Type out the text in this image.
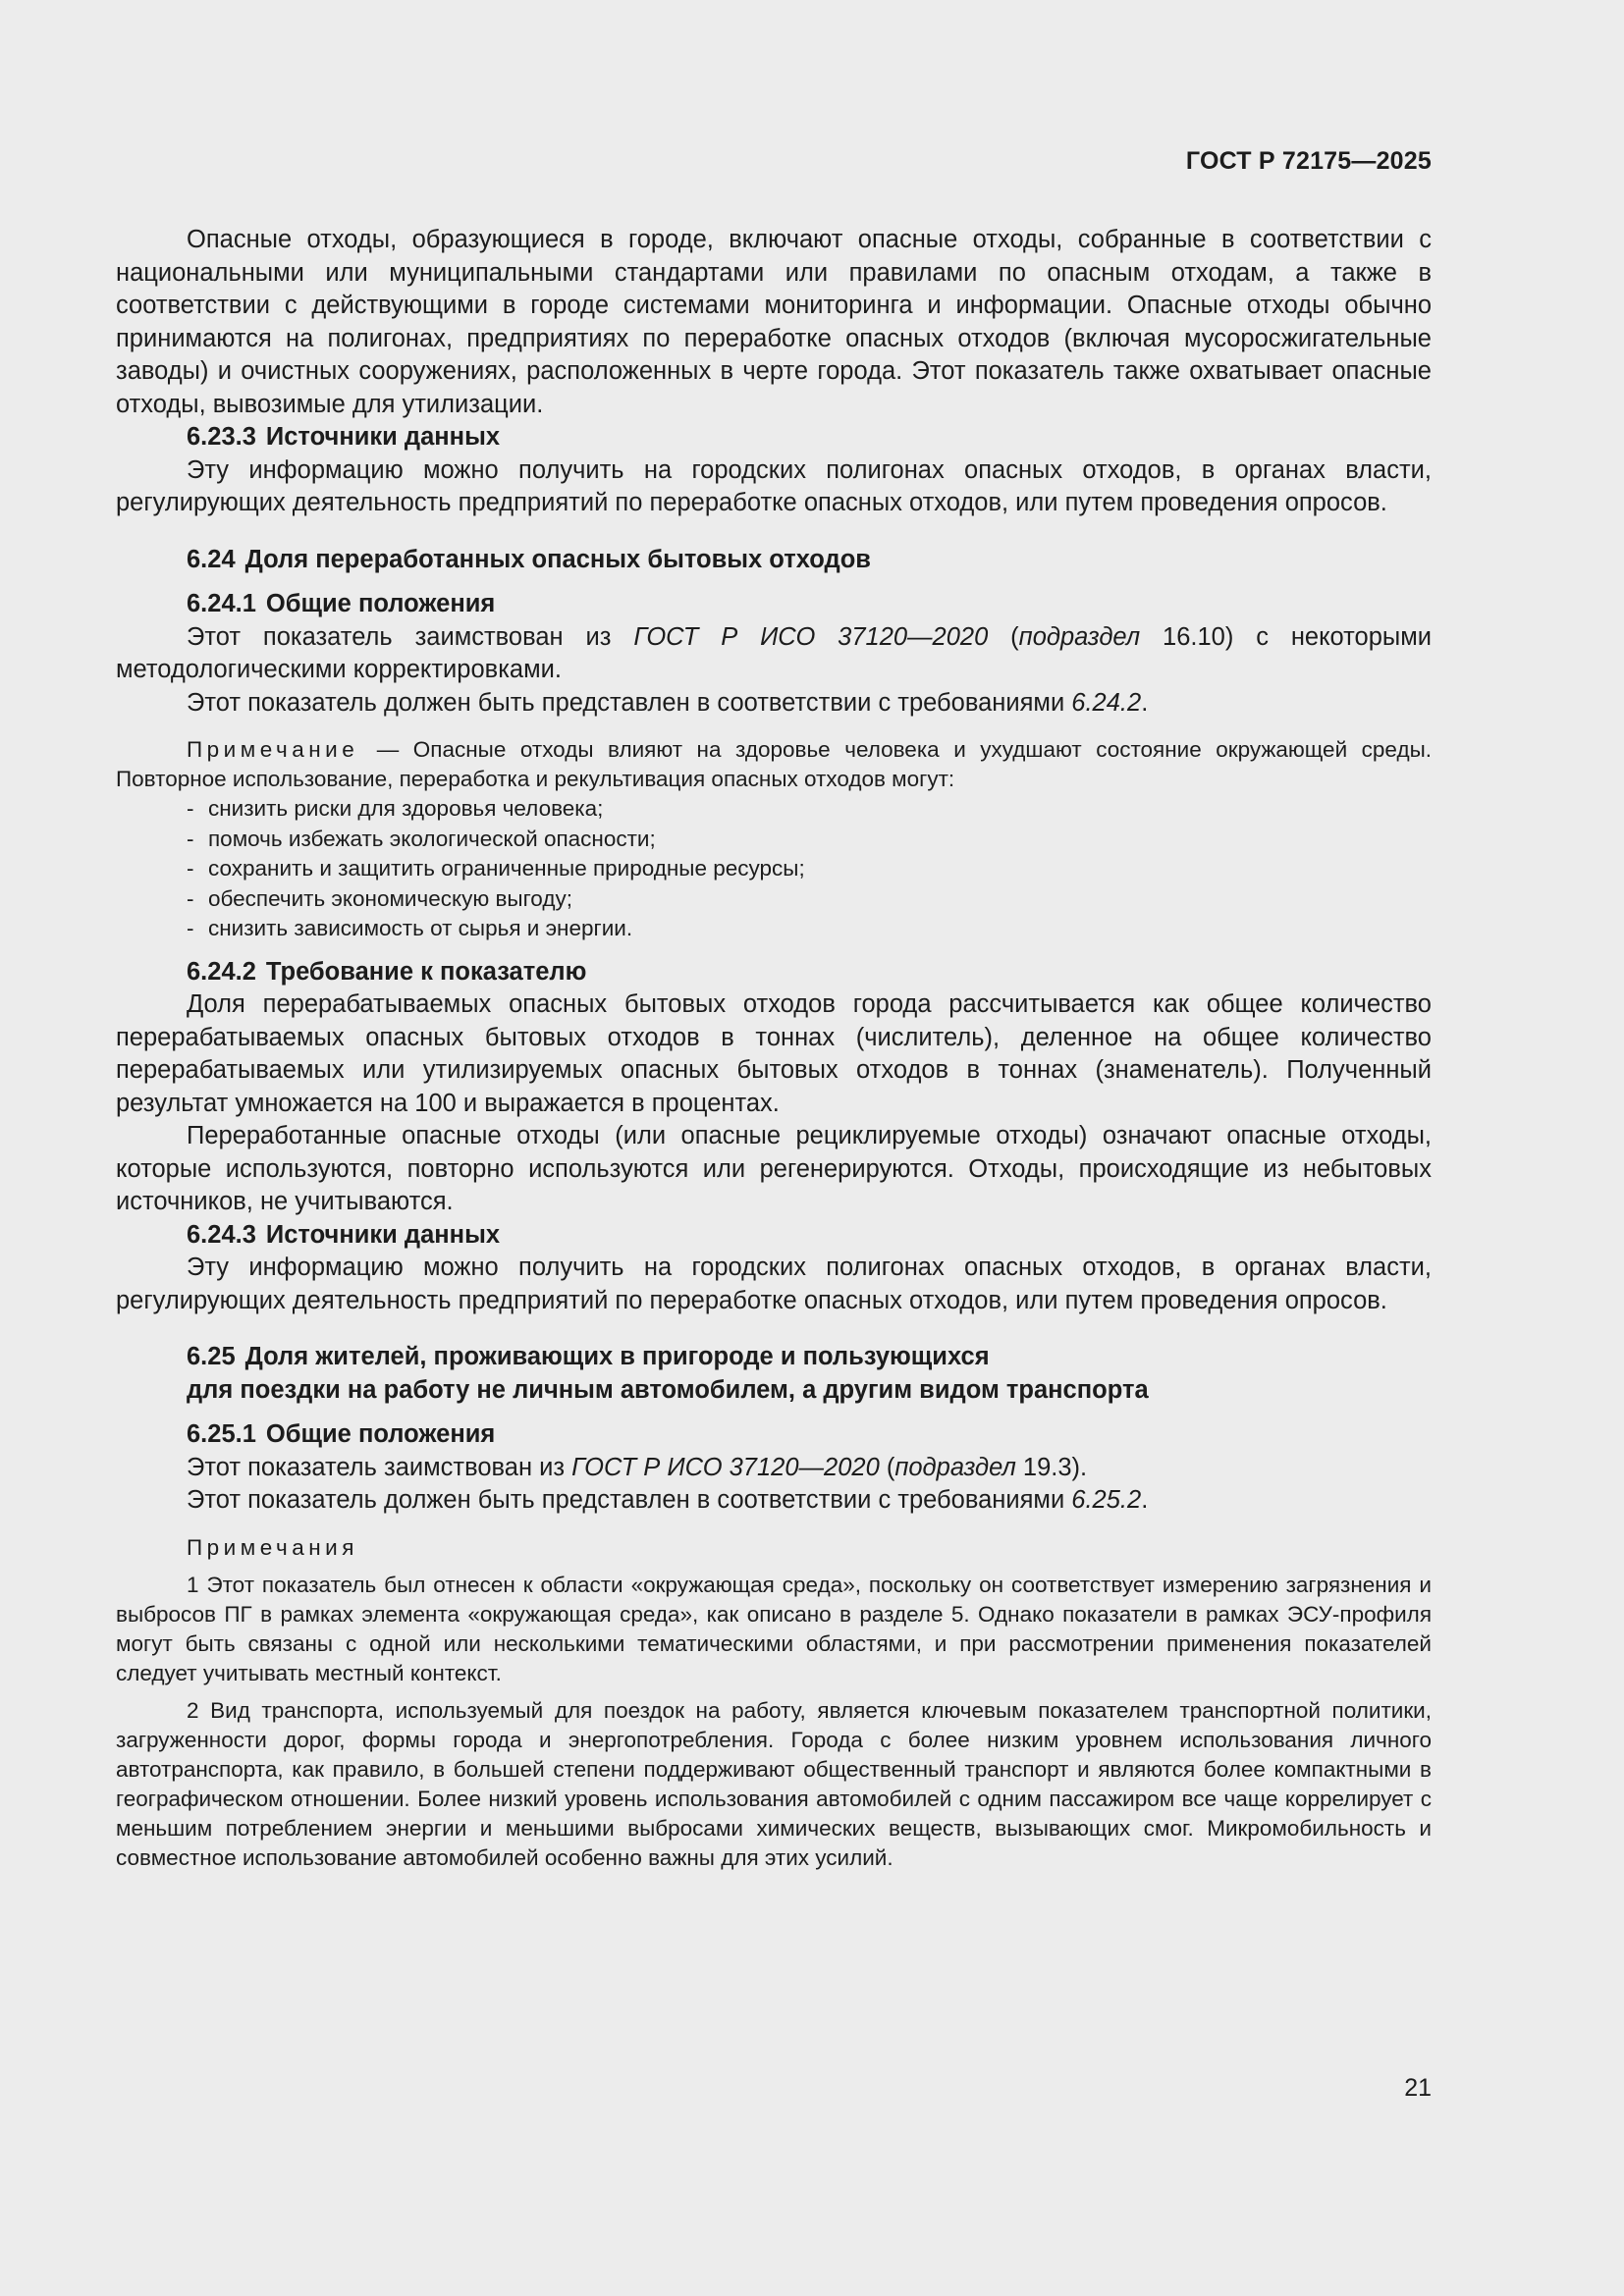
ГОСТ Р 72175—2025

Опасные отходы, образующиеся в городе, включают опасные отходы, собранные в соответствии с национальными или муниципальными стандартами или правилами по опасным отходам, а также в соответствии с действующими в городе системами мониторинга и информации. Опасные отходы обычно принимаются на полигонах, предприятиях по переработке опасных отходов (включая мусоросжигательные заводы) и очистных сооружениях, расположенных в черте города. Этот показатель также охватывает опасные отходы, вывозимые для утилизации.

6.23.3 Источники данных

Эту информацию можно получить на городских полигонах опасных отходов, в органах власти, регулирующих деятельность предприятий по переработке опасных отходов, или путем проведения опросов.

6.24 Доля переработанных опасных бытовых отходов
6.24.1 Общие положения

Этот показатель заимствован из ГОСТ Р ИСО 37120—2020 (подраздел 16.10) с некоторыми методологическими корректировками.

Этот показатель должен быть представлен в соответствии с требованиями 6.24.2.

Примечание — Опасные отходы влияют на здоровье человека и ухудшают состояние окружающей среды. Повторное использование, переработка и рекультивация опасных отходов могут:

- снизить риски для здоровья человека;
- помочь избежать экологической опасности;
- сохранить и защитить ограниченные природные ресурсы;
- обеспечить экономическую выгоду;
- снизить зависимость от сырья и энергии.
6.24.2 Требование к показателю

Доля перерабатываемых опасных бытовых отходов города рассчитывается как общее количество перерабатываемых опасных бытовых отходов в тоннах (числитель), деленное на общее количество перерабатываемых или утилизируемых опасных бытовых отходов в тоннах (знаменатель). Полученный результат умножается на 100 и выражается в процентах.

Переработанные опасные отходы (или опасные рециклируемые отходы) означают опасные отходы, которые используются, повторно используются или регенерируются. Отходы, происходящие из небытовых источников, не учитываются.

6.24.3 Источники данных

Эту информацию можно получить на городских полигонах опасных отходов, в органах власти, регулирующих деятельность предприятий по переработке опасных отходов, или путем проведения опросов.

6.25 Доля жителей, проживающих в пригороде и пользующихся
для поездки на работу не личным автомобилем, а другим видом транспорта
6.25.1 Общие положения

Этот показатель заимствован из ГОСТ Р ИСО 37120—2020 (подраздел 19.3).

Этот показатель должен быть представлен в соответствии с требованиями 6.25.2.

Примечания

1 Этот показатель был отнесен к области «окружающая среда», поскольку он соответствует измерению загрязнения и выбросов ПГ в рамках элемента «окружающая среда», как описано в разделе 5. Однако показатели в рамках ЭСУ-профиля могут быть связаны с одной или несколькими тематическими областями, и при рассмотрении применения показателей следует учитывать местный контекст.

2 Вид транспорта, используемый для поездок на работу, является ключевым показателем транспортной политики, загруженности дорог, формы города и энергопотребления. Города с более низким уровнем использования личного автотранспорта, как правило, в большей степени поддерживают общественный транспорт и являются более компактными в географическом отношении. Более низкий уровень использования автомобилей с одним пассажиром все чаще коррелирует с меньшим потреблением энергии и меньшими выбросами химических веществ, вызывающих смог. Микромобильность и совместное использование автомобилей особенно важны для этих усилий.

21
